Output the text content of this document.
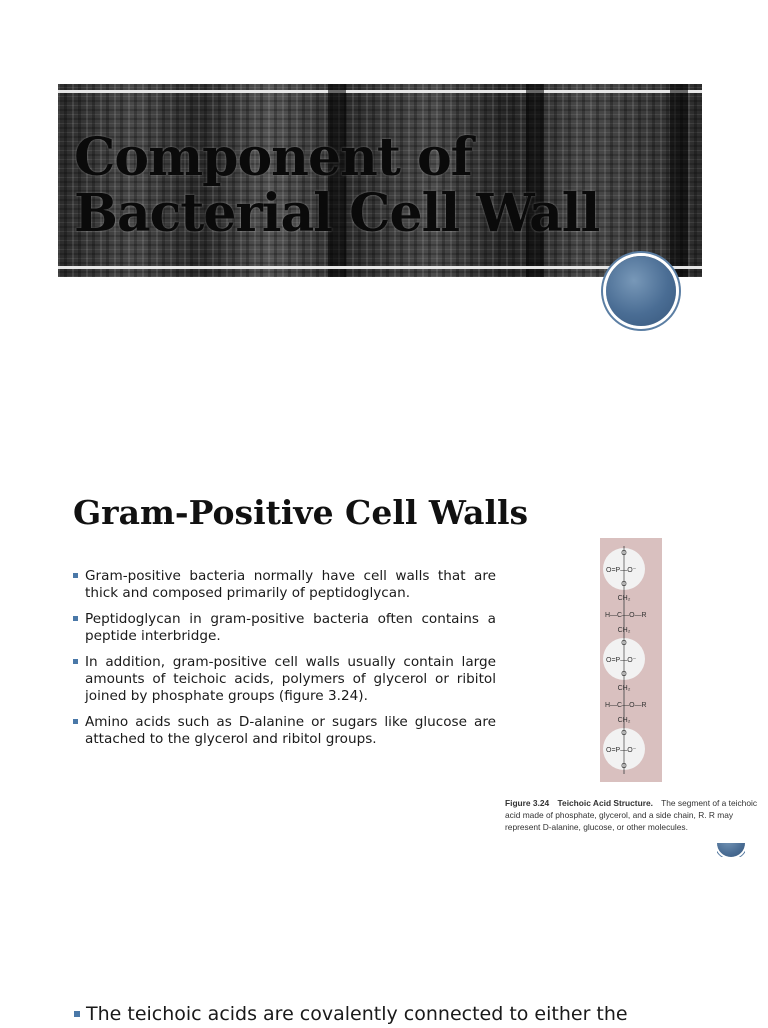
Component of
Bacterial Cell Wall
Gram-Positive Cell Walls
Gram-positive bacteria normally have cell walls that are thick and composed primarily of peptidoglycan.
Peptidoglycan in gram-positive bacteria often contains a peptide interbridge.
In addition, gram-positive cell walls usually contain large amounts of teichoic acids, polymers of glycerol or ribitol joined by phosphate groups (figure 3.24).
Amino acids such as D-alanine or sugars like glucose are attached to the glycerol and ribitol groups.
O
O=P—O⁻
O
CH₂
H—C—O—R
CH₂
O
O=P—O⁻
O
CH₂
H—C—O—R
CH₂
O
O=P—O⁻
O

Figure 3.24 Teichoic Acid Structure. The segment of a teichoic acid made of phosphate, glycerol, and a side chain, R. R may represent D-alanine, glucose, or other molecules.

The teichoic acids are covalently connected to either the
